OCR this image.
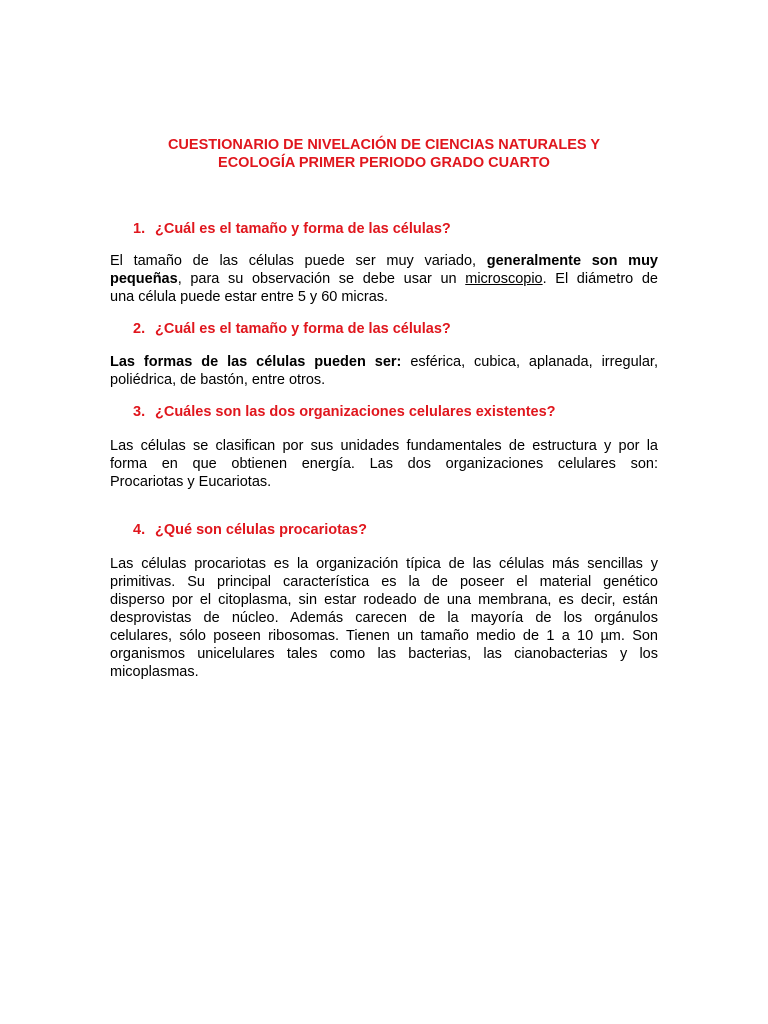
CUESTIONARIO DE NIVELACIÓN DE CIENCIAS NATURALES Y
ECOLOGÍA PRIMER PERIODO GRADO CUARTO

1. ¿Cuál es el tamaño y forma de las células?

El tamaño de las células puede ser muy variado, generalmente son muy
pequeñas, para su observación se debe usar un microscopio. El diámetro de
una célula puede estar entre 5 y 60 micras.

2. ¿Cuál es el tamaño y forma de las células?

Las formas de las células pueden ser: esférica, cubica, aplanada, irregular,
poliédrica, de bastón, entre otros.

3. ¿Cuáles son las dos organizaciones celulares existentes?

Las células se clasifican por sus unidades fundamentales de estructura y por la
forma en que obtienen energía. Las dos organizaciones celulares son:
Procariotas y Eucariotas.

4. ¿Qué son células procariotas?

Las células procariotas es la organización típica de las células más sencillas y
primitivas. Su principal característica es la de poseer el material genético
disperso por el citoplasma, sin estar rodeado de una membrana, es decir, están
desprovistas de núcleo. Además carecen de la mayoría de los orgánulos
celulares, sólo poseen ribosomas. Tienen un tamaño medio de 1 a 10 µm. Son
organismos unicelulares tales como las bacterias, las cianobacterias y los
micoplasmas.
